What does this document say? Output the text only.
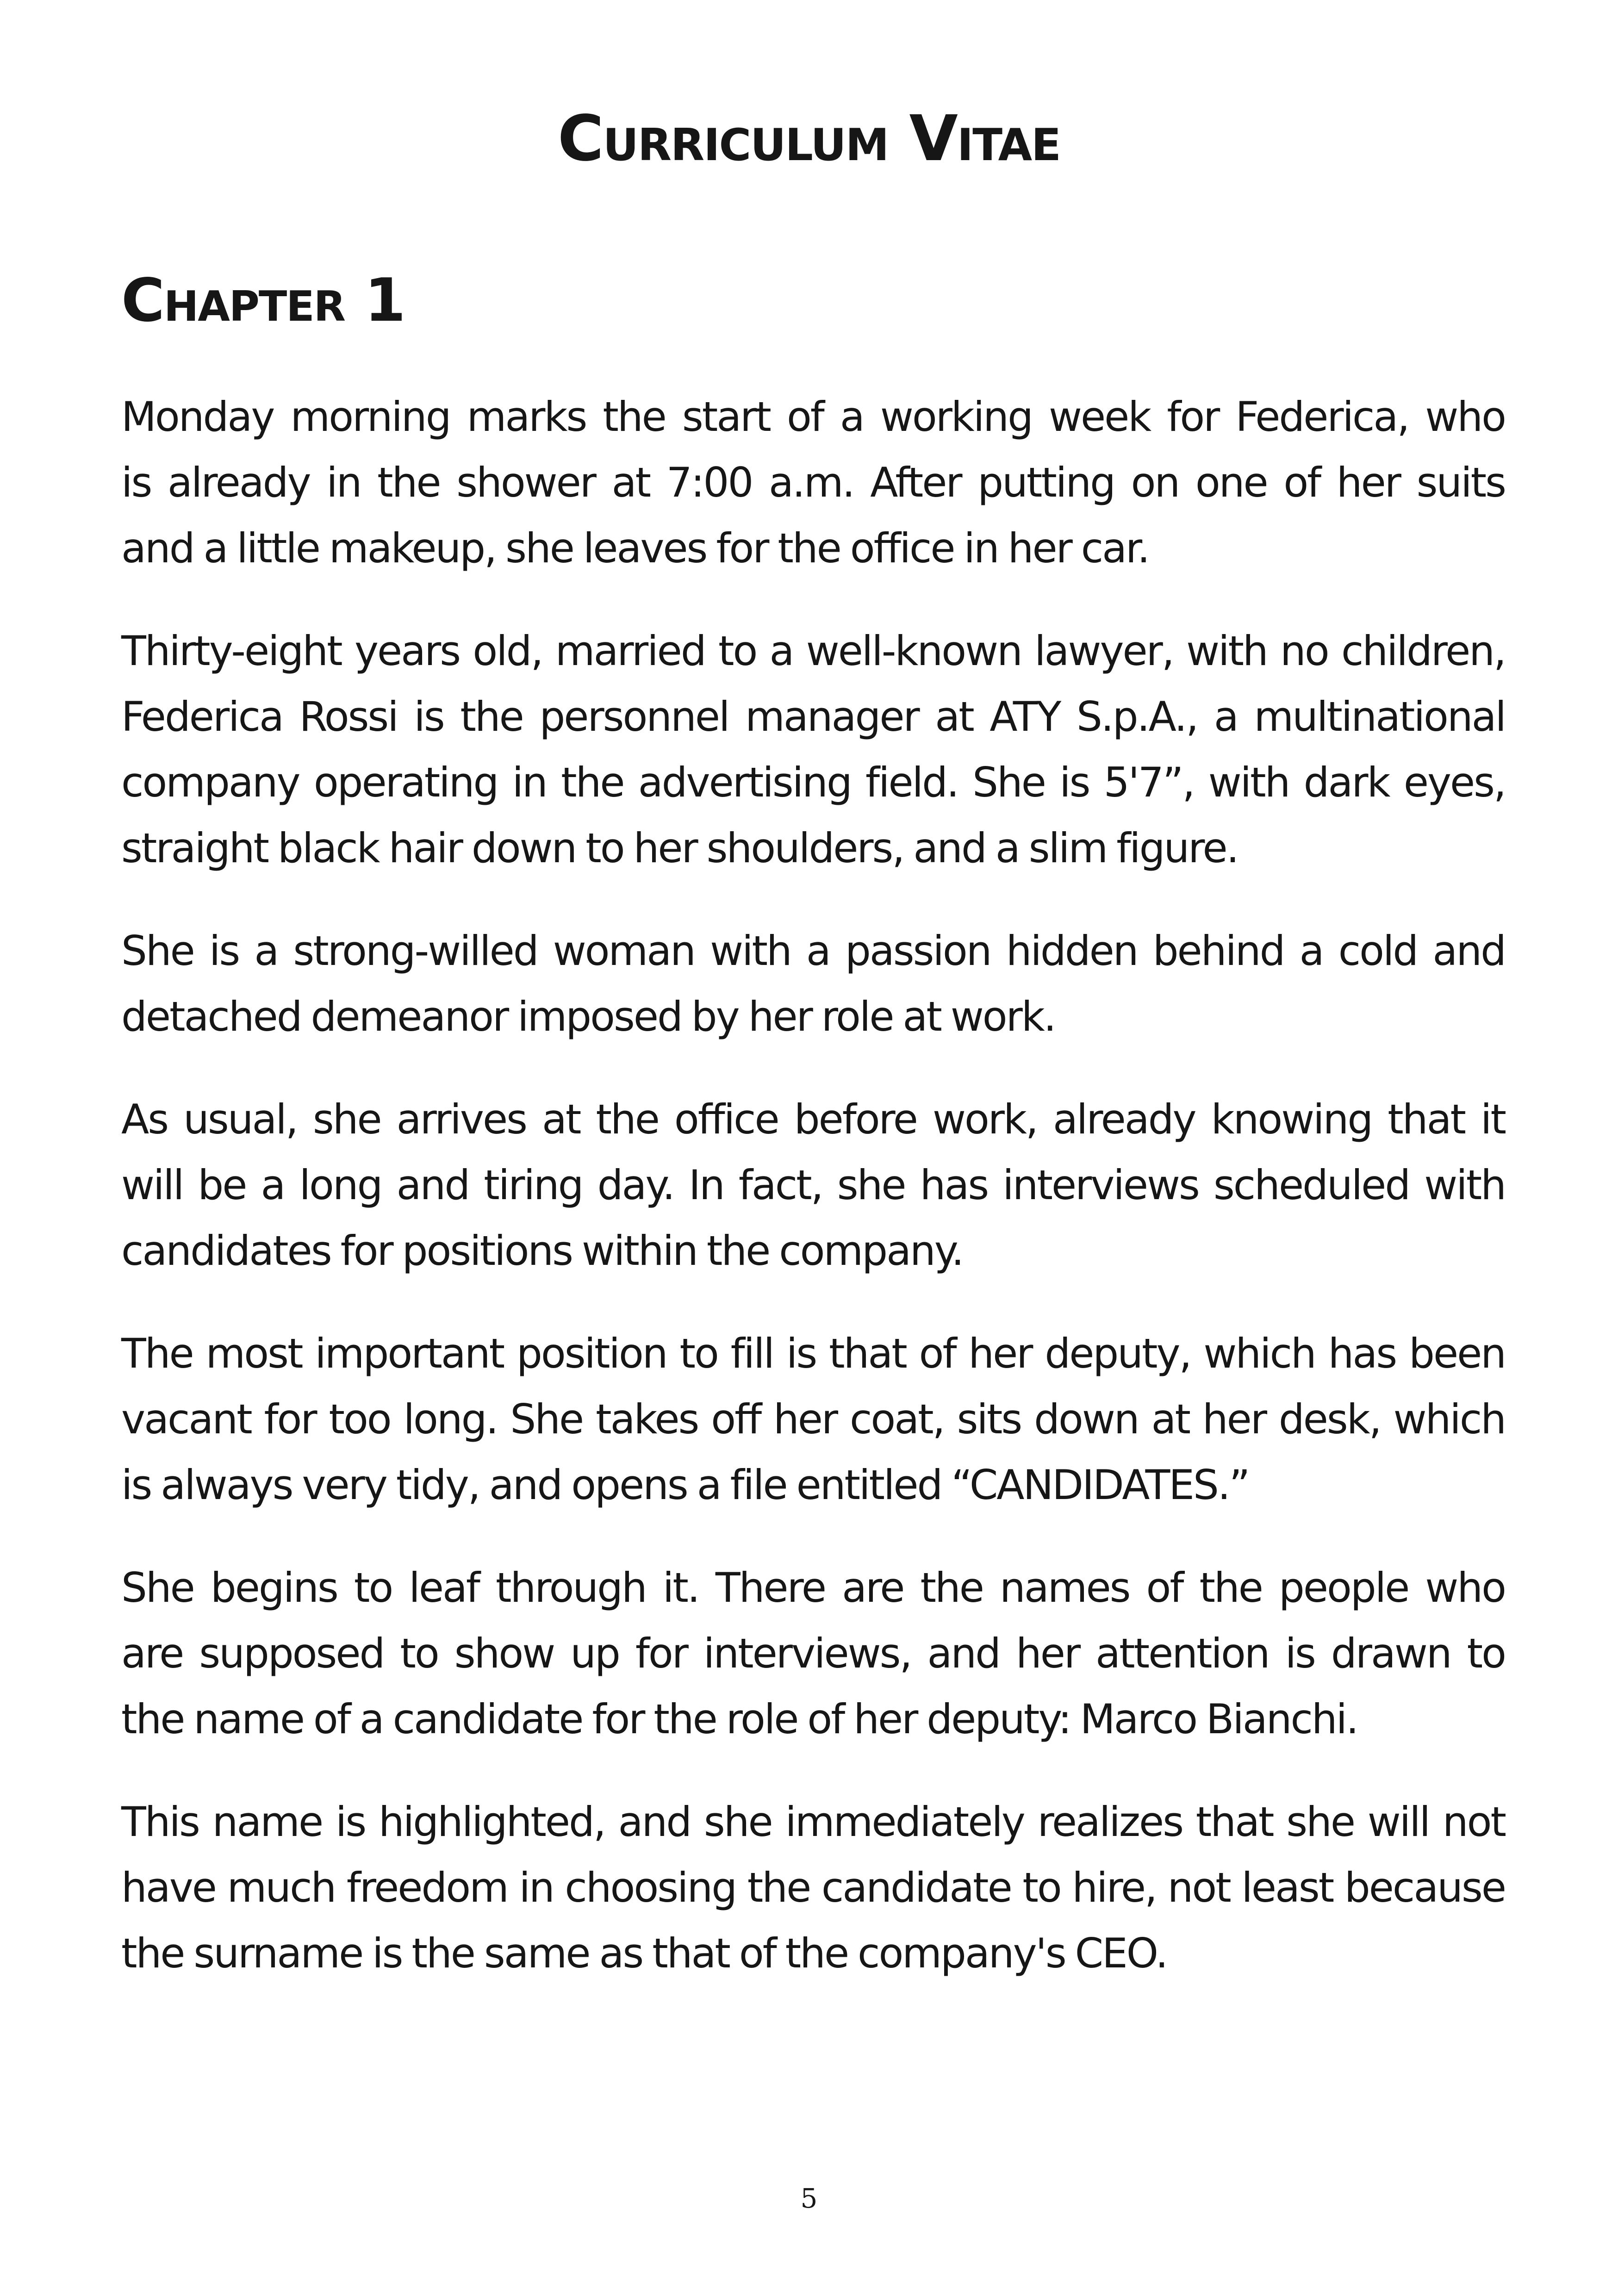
Curriculum Vitae
Chapter 1

Monday morning marks the start of a working week for Federica, who
is already in the shower at 7:00 a.m. After putting on one of her suits
and a little makeup, she leaves for the office in her car.

Thirty-eight years old, married to a well-known lawyer, with no children,
Federica Rossi is the personnel manager at ATY S.p.A., a multinational
company operating in the advertising field. She is 5'7”, with dark eyes,
straight black hair down to her shoulders, and a slim figure.

She is a strong-willed woman with a passion hidden behind a cold and
detached demeanor imposed by her role at work.

As usual, she arrives at the office before work, already knowing that it
will be a long and tiring day. In fact, she has interviews scheduled with
candidates for positions within the company.

The most important position to fill is that of her deputy, which has been
vacant for too long. She takes off her coat, sits down at her desk, which
is always very tidy, and opens a file entitled “CANDIDATES.”

She begins to leaf through it. There are the names of the people who
are supposed to show up for interviews, and her attention is drawn to
the name of a candidate for the role of her deputy: Marco Bianchi.

This name is highlighted, and she immediately realizes that she will not
have much freedom in choosing the candidate to hire, not least because
the surname is the same as that of the company's CEO.

5
